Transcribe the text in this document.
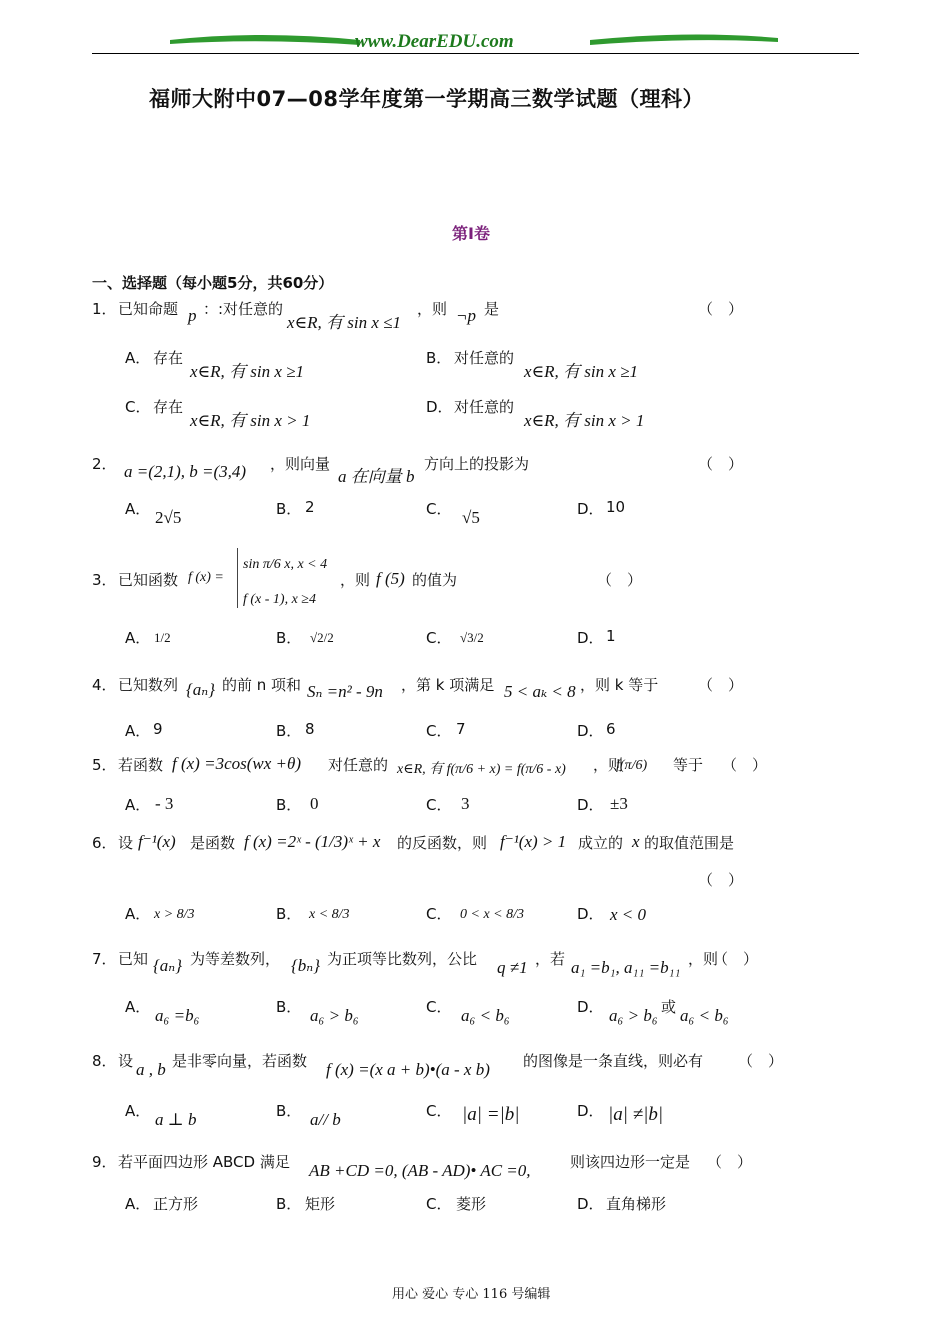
www.DearEDU.com
福师大附中07—08学年度第一学期高三数学试题（理科）
第Ⅰ卷
一、选择题（每小题5分，共60分）
1． 已知命题 p ：:对任意的
x∈R, 有 sin x ≤1
，则 ¬p 是	（　）
A． 存在
x∈R, 有 sin x ≥1
B． 对任意的
x∈R, 有 sin x ≥1
C． 存在
x∈R, 有 sin x > 1
D． 对任意的
x∈R, 有 sin x > 1
2． a =(2,1), b =(3,4) ，则向量
a 在向量 b
方向上的投影为	（　）
A． 2√5	B． 2	C． √5	D． 10
3． 已知函数 f (x) =
sin π/6 x, x < 4
f (x - 1), x ≥4
，则 f (5) 的值为	（　）
A． 1/2	B． √2/2	C． √3/2	D． 1
4． 已知数列 {aₙ} 的前 n 项和 Sₙ =n² - 9n ，第 k 项满足 5 < aₖ < 8 ，则 k 等于	（　）
A． 9	B． 8	C． 7	D． 6
5． 若函数 f (x) =3cos(wx +θ) 对任意的 x∈R, 有 f(π/6 + x) = f(π/6 - x) ，则
f(π/6) 等于 （　）
A． - 3	B． 0	C． 3	D． ±3
6． 设 f⁻¹(x) 是函数 f (x) =2ˣ - (1/3)ˣ + x 的反函数，则 f⁻¹(x) > 1 成立的 x 的取值范围是
（　）
A． x > 8/3	B． x < 8/3	C． 0 < x < 8/3	D． x < 0
7． 已知 {aₙ} 为等差数列， {bₙ} 为正项等比数列，公比 q ≠1 ，若 a₁ =b₁, a₁₁ =b₁₁ ，则
（　）
A． a₆ =b₆	B． a₆ > b₆	C． a₆ < b₆	D． a₆ > b₆ 或 a₆ < b₆
8． 设 a , b 是非零向量，若函数 f (x) =(x a + b)•(a - x b) 的图像是一条直线，则必有 （　）
A． a ⊥ b	B． a// b	C． |a| =|b|	D． |a| ≠|b|
9． 若平面四边形 ABCD 满足 AB +CD =0, (AB - AD)• AC =0,	则该四边形一定是 （　）
A． 正方形	B． 矩形	C． 菱形	D． 直角梯形
用心 爱心 专心 116 号编辑
